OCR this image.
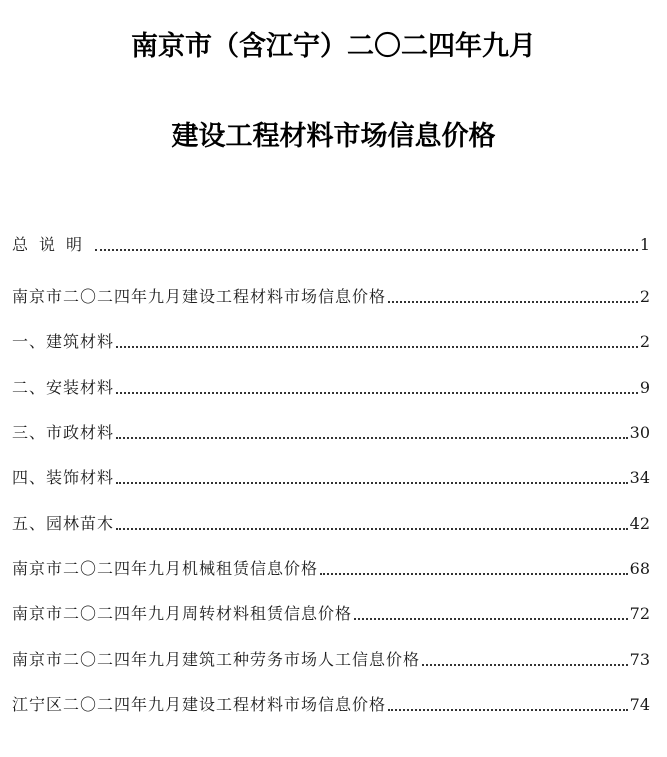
南京市（含江宁）二〇二四年九月
建设工程材料市场信息价格
总说明	1
南京市二〇二四年九月建设工程材料市场信息价格	2
一、建筑材料	2
二、安装材料	9
三、市政材料	30
四、装饰材料	34
五、园林苗木	42
南京市二〇二四年九月机械租赁信息价格	68
南京市二〇二四年九月周转材料租赁信息价格	72
南京市二〇二四年九月建筑工种劳务市场人工信息价格	73
江宁区二〇二四年九月建设工程材料市场信息价格	74
